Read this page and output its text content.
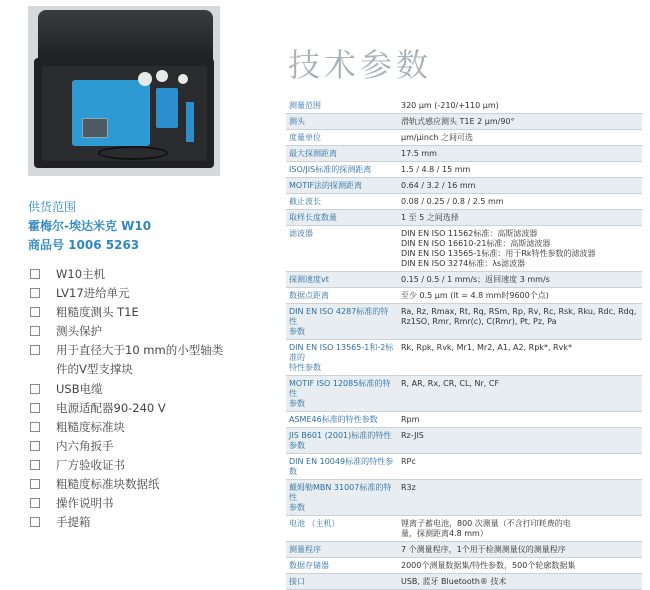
供货范围
霍梅尔-埃达米克 W10
商品号 1006 5263
W10主机
LV17进给单元
粗糙度测头 T1E
测头保护
用于直径大于10 mm的小型轴类
件的V型支撑块
USB电缆
电源适配器90-240 V
粗糙度标准块
内六角扳手
厂方验收证书
粗糙度标准块数据纸
操作说明书
手提箱
技术参数
测量范围	320 μm (-210/+110 μm)

测头	滑轨式感应测头 T1E 2 μm/90°

度量单位	μm/μinch 之间可选

最大探测距离	17.5 mm

ISO/JIS标准的探测距离	1.5 / 4.8 / 15 mm

MOTIF法的探测距离	0.64 / 3.2 / 16 mm

截止波长	0.08 / 0.25 / 0.8 / 2.5 mm

取样长度数量	1 至 5 之间选择

滤波器	DIN EN ISO 11562标准：高斯滤波器
DIN EN ISO 16610-21标准：高斯滤波器
DIN EN ISO 13565-1标准：用于Rk特性参数的滤波器
DIN EN ISO 3274标准：λs滤波器

探测速度vt	0.15 / 0.5 / 1 mm/s；返回速度 3 mm/s

数据点距离	至少 0.5 μm (lt = 4.8 mm时9600个点)

DIN EN ISO 4287标准的特性
参数	Ra, Rz, Rmax, Rt, Rq, RSm, Rp, Rv, Rc, Rsk, Rku, Rdc, Rdq,
Rz1SO, Rmr, Rmr(c), C(Rmr), Pt, Pz, Pa

DIN EN ISO 13565-1和-2标准的
特性参数	Rk, Rpk, Rvk, Mr1, Mr2, A1, A2, Rpk*, Rvk*

MOTIF ISO 12085标准的特性
参数	R, AR, Rx, CR, CL, Nr, CF

ASME46标准的特性参数	Rpm

JIS B601 (2001)标准的特性
参数	Rz-JIS

DIN EN 10049标准的特性参数	RPc

戴姆勒MBN 31007标准的特性
参数	R3z

电池 （主机）	锂离子蓄电池，800 次测量（不含打印耗费的电
量，探测距离4.8 mm）

测量程序	7 个测量程序，1个用于检测测量仪的测量程序

数据存储器	2000个测量数据集/特性参数，500个轮廓数据集

接口	USB, 蓝牙 Bluetooth® 技术
